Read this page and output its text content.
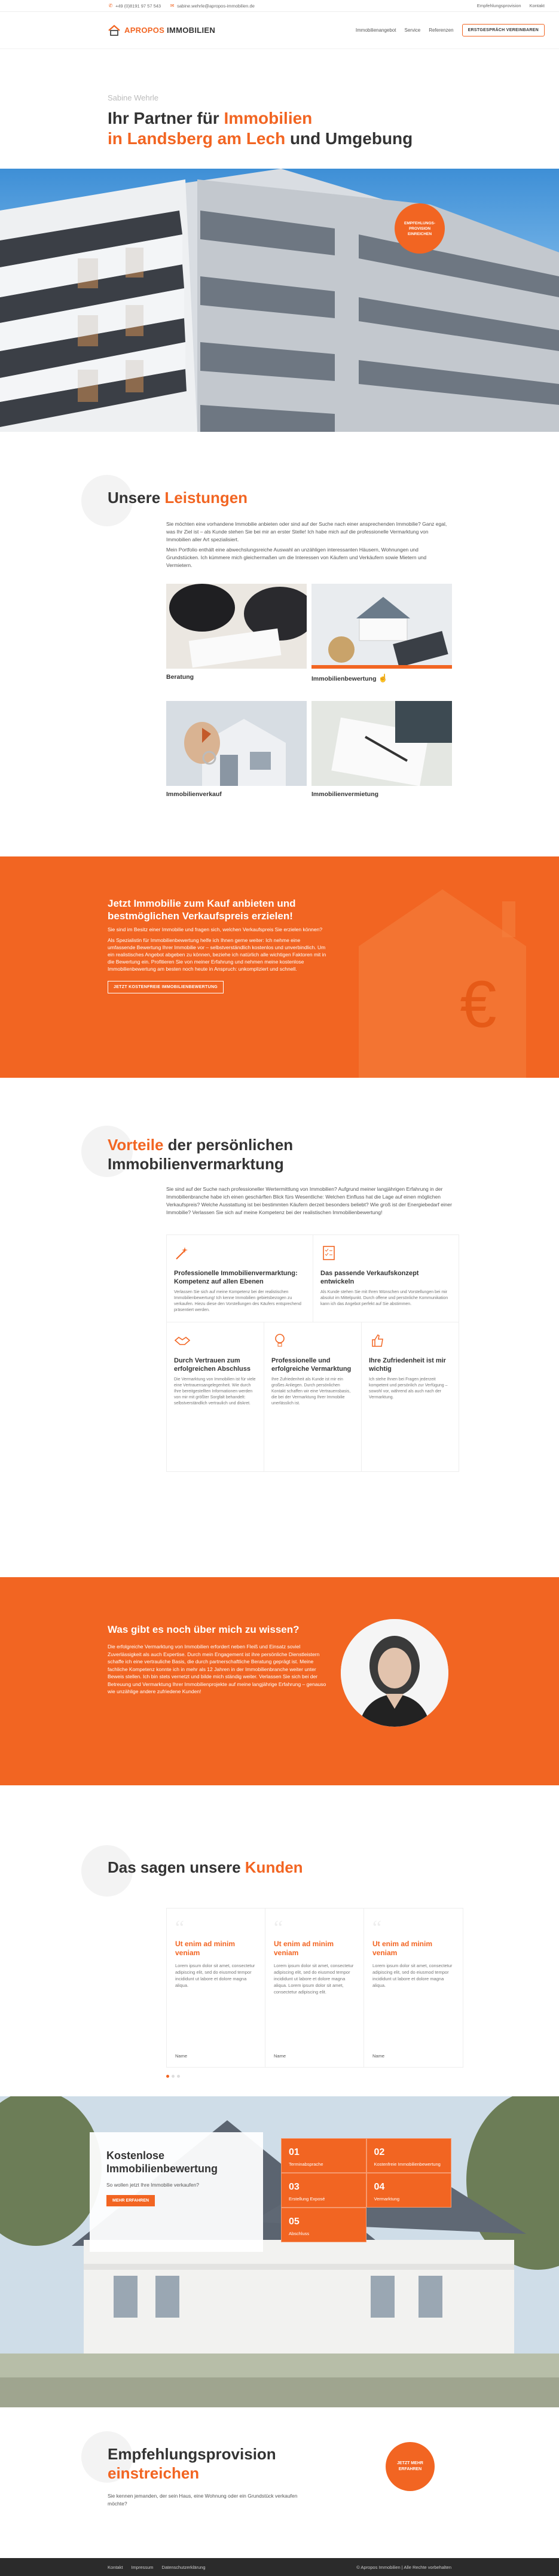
✆ +49 (0)8191 97 57 543 ✉ sabine.wehrle@apropos-immobilien.de	Empfehlungsprovision Kontakt
APROPOS IMMOBILIEN	Immobilienangebot Service Referenzen	ERSTGESPRÄCH VEREINBAREN
Sabine Wehrle
Ihr Partner für Immobilien
in Landsberg am Lech und Umgebung
EMPFEHLUNGS-PROVISION EINREICHEN
Unsere Leistungen

Sie möchten eine vorhandene Immobilie anbieten oder sind auf der Suche nach einer ansprechenden Immobilie? Ganz egal, was Ihr Ziel ist – als Kunde stehen Sie bei mir an erster Stelle! Ich habe mich auf die professionelle Vermarktung von Immobilien aller Art spezialisiert.

Mein Portfolio enthält eine abwechslungsreiche Auswahl an unzähligen interessanten Häusern, Wohnungen und Grundstücken. Ich kümmere mich gleichermaßen um die Interessen von Käufern und Verkäufern sowie Mietern und Vermietern.

Beratung	Immobilienbewertung ☝
Immobilienverkauf	Immobilienvermietung
€
Jetzt Immobilie zum Kauf anbieten und bestmöglichen Verkaufspreis erzielen!

Sie sind im Besitz einer Immobilie und fragen sich, welchen Verkaufspreis Sie erzielen können?

Als Spezialistin für Immobilienbewertung helfe ich Ihnen gerne weiter: Ich nehme eine umfassende Bewertung Ihrer Immobilie vor – selbstverständlich kostenlos und unverbindlich. Um ein realistisches Angebot abgeben zu können, beziehe ich natürlich alle wichtigen Faktoren mit in die Bewertung ein. Profitieren Sie von meiner Erfahrung und nehmen meine kostenlose Immobilienbewertung am besten noch heute in Anspruch: unkompliziert und schnell.

JETZT KOSTENFREIE IMMOBILIENBEWERTUNG
Vorteile der persönlichen
Immobilienvermarktung

Sie sind auf der Suche nach professioneller Wertermittlung von Immobilien? Aufgrund meiner langjährigen Erfahrung in der Immobilienbranche habe ich einen geschärften Blick fürs Wesentliche: Welchen Einfluss hat die Lage auf einen möglichen Verkaufspreis? Welche Ausstattung ist bei bestimmten Käufern derzeit besonders beliebt? Wie groß ist der Energiebedarf einer Immobilie? Verlassen Sie sich auf meine Kompetenz bei der realistischen Immobilienbewertung!

Professionelle Immobilienvermarktung: Kompetenz auf allen Ebenen
Verlassen Sie sich auf meine Kompetenz bei der realistischen Immobilienbewertung! Ich kenne Immobilien gebietsbezogen zu verkaufen. Hiezu diese den Vorstellungen des Käufers entsprechend präsentiert werden.
Das passende Verkaufskonzept entwickeln
Als Kunde stehen Sie mit Ihren Wünschen und Vorstellungen bei mir absolut im Mittelpunkt. Durch offene und persönliche Kommunikation kann ich das Angebot perfekt auf Sie abstimmen.
Durch Vertrauen zum erfolgreichen Abschluss
Die Vermarktung von Immobilien ist für viele eine Vertrauensangelegenheit. Wie durch Ihre bereitgestellten Informationen werden von mir mit größter Sorgfalt behandelt: selbstverständlich vertraulich und diskret.
Professionelle und erfolgreiche Vermarktung
Ihre Zufriedenheit als Kunde ist mir ein großes Anliegen. Durch persönlichen Kontakt schaffen wir eine Vertrauensbasis, die bei der Vermarktung Ihrer Immobilie unerlässlich ist.
Ihre Zufriedenheit ist mir wichtig
Ich stehe Ihnen bei Fragen jederzeit kompetent und persönlich zur Verfügung – sowohl vor, während als auch nach der Vermarktung.
Was gibt es noch über mich zu wissen?

Die erfolgreiche Vermarktung von Immobilien erfordert neben Fleiß und Einsatz soviel Zuverlässigkeit als auch Expertise. Durch mein Engagement ist ihre persönliche Dienstleistern schaffe ich eine vertrauliche Basis, die durch partnerschaftliche Beratung geprägt ist. Meine fachliche Kompetenz konnte ich in mehr als 12 Jahren in der Immobilienbranche weiter unter Beweis stellen. Ich bin stets vernetzt und bilde mich ständig weiter. Verlassen Sie sich bei der Betreuung und Vermarktung Ihrer Immobilienprojekte auf meine langjährige Erfahrung – genauso wie unzählige andere zufriedene Kunden!

Das sagen unsere Kunden
“
Ut enim ad minim veniam

Lorem ipsum dolor sit amet, consectetur adipiscing elit, sed do eiusmod tempor incididunt ut labore et dolore magna aliqua.

Name
“
Ut enim ad minim veniam

Lorem ipsum dolor sit amet, consectetur adipiscing elit, sed do eiusmod tempor incididunt ut labore et dolore magna aliqua. Lorem ipsum dolor sit amet, consectetur adipiscing elit.

Name
“
Ut enim ad minim veniam

Lorem ipsum dolor sit amet, consectetur adipiscing elit, sed do eiusmod tempor incididunt ut labore et dolore magna aliqua.

Name
Kostenlose Immobilienbewertung

So wollen jetzt Ihre Immobilie verkaufen?

MEHR ERFAHREN
01
Terminabsprache
02
Kostenfreie Immobilienbewertung
03
Erstellung Exposé
04
Vermarktung
05
Abschluss
Empfehlungsprovision
einstreichen

Sie kennen jemanden, der sein Haus, eine Wohnung oder ein Grundstück verkaufen möchte?

JETZT MEHR ERFAHREN
Kontakt Impressum Datenschutzerklärung	© Apropos Immobilien | Alle Rechte vorbehalten
